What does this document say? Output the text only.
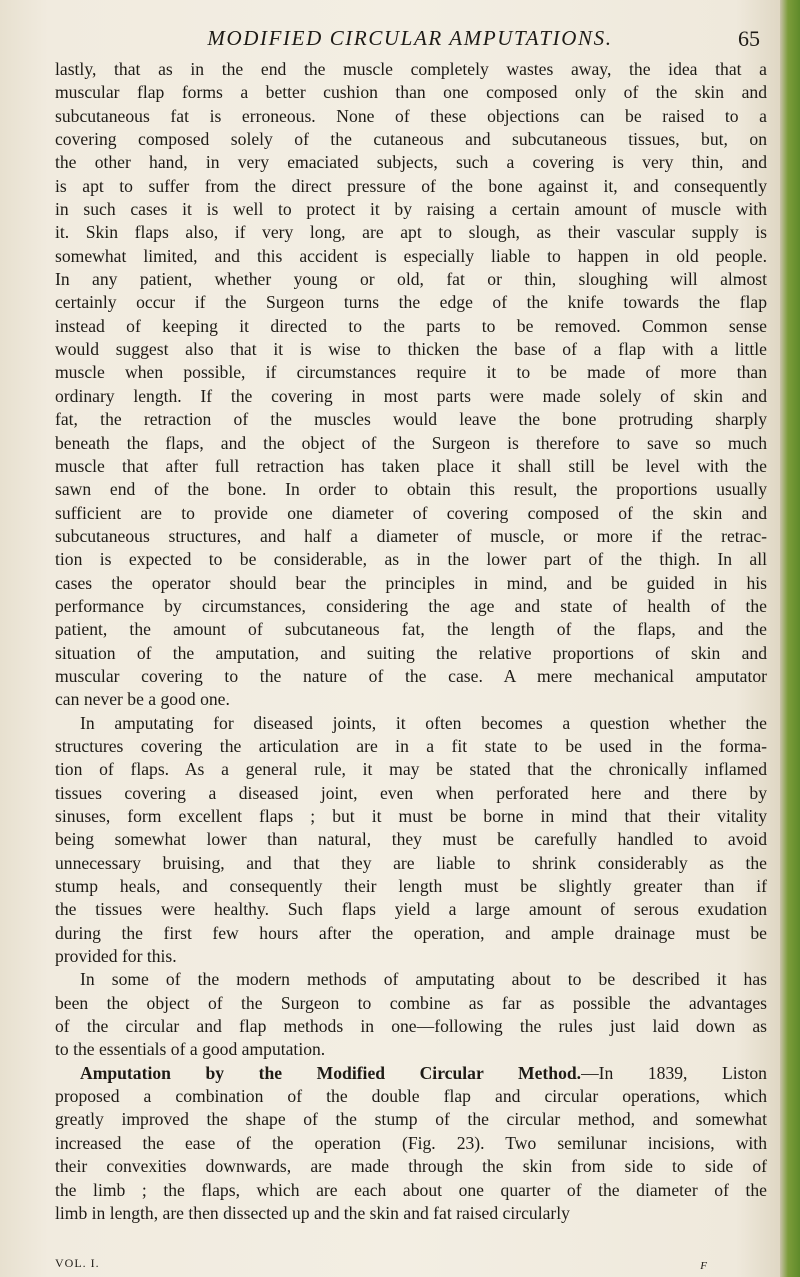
MODIFIED CIRCULAR AMPUTATIONS.	65
lastly, that as in the end the muscle completely wastes away, the idea that a
muscular flap forms a better cushion than one composed only of the skin and
subcutaneous fat is erroneous. None of these objections can be raised to a
covering composed solely of the cutaneous and subcutaneous tissues, but, on
the other hand, in very emaciated subjects, such a covering is very thin, and
is apt to suffer from the direct pressure of the bone against it, and consequently
in such cases it is well to protect it by raising a certain amount of muscle with
it. Skin flaps also, if very long, are apt to slough, as their vascular supply is
somewhat limited, and this accident is especially liable to happen in old people.
In any patient, whether young or old, fat or thin, sloughing will almost
certainly occur if the Surgeon turns the edge of the knife towards the flap
instead of keeping it directed to the parts to be removed. Common sense
would suggest also that it is wise to thicken the base of a flap with a little
muscle when possible, if circumstances require it to be made of more than
ordinary length. If the covering in most parts were made solely of skin and
fat, the retraction of the muscles would leave the bone protruding sharply
beneath the flaps, and the object of the Surgeon is therefore to save so much
muscle that after full retraction has taken place it shall still be level with the
sawn end of the bone. In order to obtain this result, the proportions usually
sufficient are to provide one diameter of covering composed of the skin and
subcutaneous structures, and half a diameter of muscle, or more if the retrac-
tion is expected to be considerable, as in the lower part of the thigh. In all
cases the operator should bear the principles in mind, and be guided in his
performance by circumstances, considering the age and state of health of the
patient, the amount of subcutaneous fat, the length of the flaps, and the
situation of the amputation, and suiting the relative proportions of skin and
muscular covering to the nature of the case. A mere mechanical amputator
can never be a good one.
In amputating for diseased joints, it often becomes a question whether the
structures covering the articulation are in a fit state to be used in the forma-
tion of flaps. As a general rule, it may be stated that the chronically inflamed
tissues covering a diseased joint, even when perforated here and there by
sinuses, form excellent flaps ; but it must be borne in mind that their vitality
being somewhat lower than natural, they must be carefully handled to avoid
unnecessary bruising, and that they are liable to shrink considerably as the
stump heals, and consequently their length must be slightly greater than if
the tissues were healthy. Such flaps yield a large amount of serous exudation
during the first few hours after the operation, and ample drainage must be
provided for this.
In some of the modern methods of amputating about to be described it has
been the object of the Surgeon to combine as far as possible the advantages
of the circular and flap methods in one—following the rules just laid down as
to the essentials of a good amputation.
Amputation by the Modified Circular Method.—In 1839, Liston
proposed a combination of the double flap and circular operations, which
greatly improved the shape of the stump of the circular method, and somewhat
increased the ease of the operation (Fig. 23). Two semilunar incisions, with
their convexities downwards, are made through the skin from side to side of
the limb ; the flaps, which are each about one quarter of the diameter of the
limb in length, are then dissected up and the skin and fat raised circularly
VOL. I.	F
